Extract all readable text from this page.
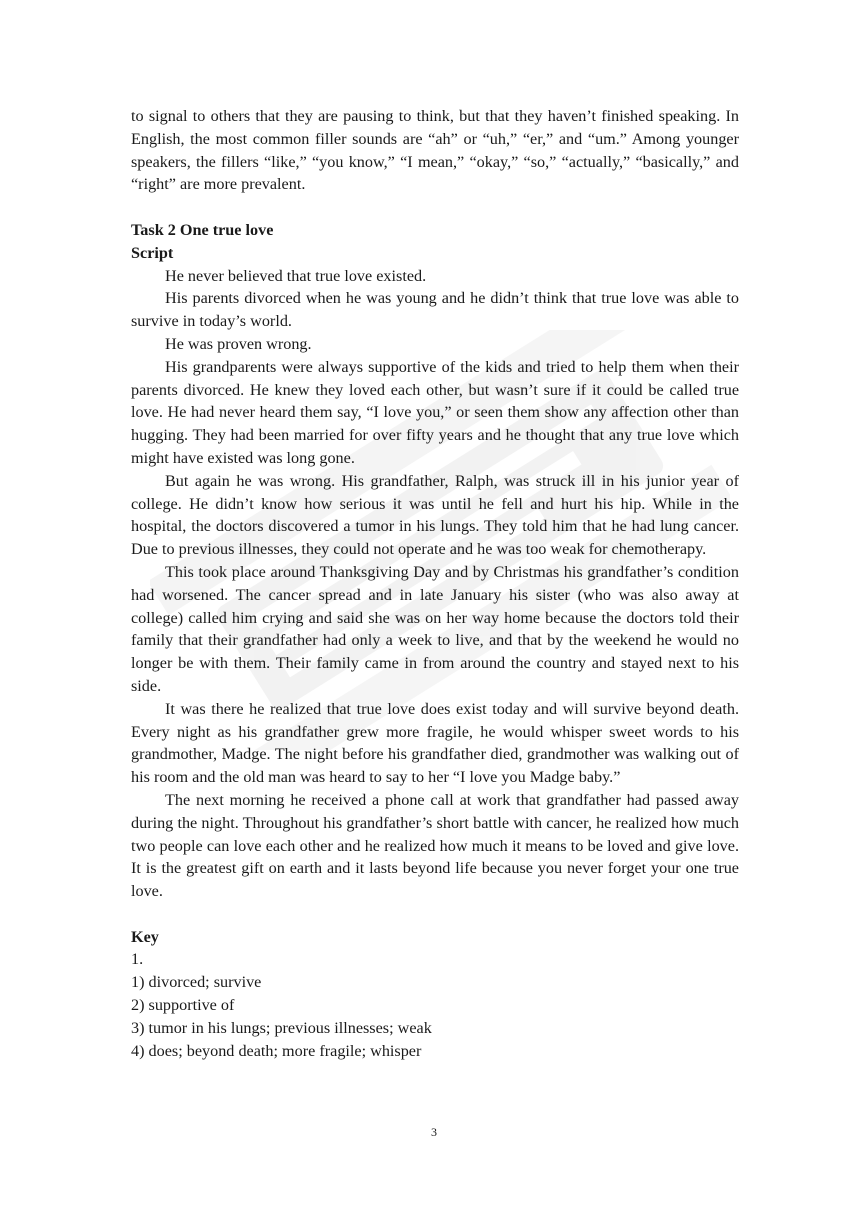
to signal to others that they are pausing to think, but that they haven’t finished speaking. In English, the most common filler sounds are “ah” or “uh,” “er,” and “um.” Among younger speakers, the fillers “like,” “you know,” “I mean,” “okay,” “so,” “actually,” “basically,” and “right” are more prevalent.

Task 2 One true love

Script

He never believed that true love existed.

His parents divorced when he was young and he didn’t think that true love was able to survive in today’s world.

He was proven wrong.

His grandparents were always supportive of the kids and tried to help them when their parents divorced. He knew they loved each other, but wasn’t sure if it could be called true love. He had never heard them say, “I love you,” or seen them show any affection other than hugging. They had been married for over fifty years and he thought that any true love which might have existed was long gone.

But again he was wrong. His grandfather, Ralph, was struck ill in his junior year of college. He didn’t know how serious it was until he fell and hurt his hip. While in the hospital, the doctors discovered a tumor in his lungs. They told him that he had lung cancer. Due to previous illnesses, they could not operate and he was too weak for chemotherapy.

This took place around Thanksgiving Day and by Christmas his grandfather’s condition had worsened. The cancer spread and in late January his sister (who was also away at college) called him crying and said she was on her way home because the doctors told their family that their grandfather had only a week to live, and that by the weekend he would no longer be with them. Their family came in from around the country and stayed next to his side.

It was there he realized that true love does exist today and will survive beyond death. Every night as his grandfather grew more fragile, he would whisper sweet words to his grandmother, Madge. The night before his grandfather died, grandmother was walking out of his room and the old man was heard to say to her “I love you Madge baby.”

The next morning he received a phone call at work that grandfather had passed away during the night. Throughout his grandfather’s short battle with cancer, he realized how much two people can love each other and he realized how much it means to be loved and give love. It is the greatest gift on earth and it lasts beyond life because you never forget your one true love.

Key

1.

1) divorced; survive

2) supportive of

3) tumor in his lungs; previous illnesses; weak

4) does; beyond death; more fragile; whisper

3
